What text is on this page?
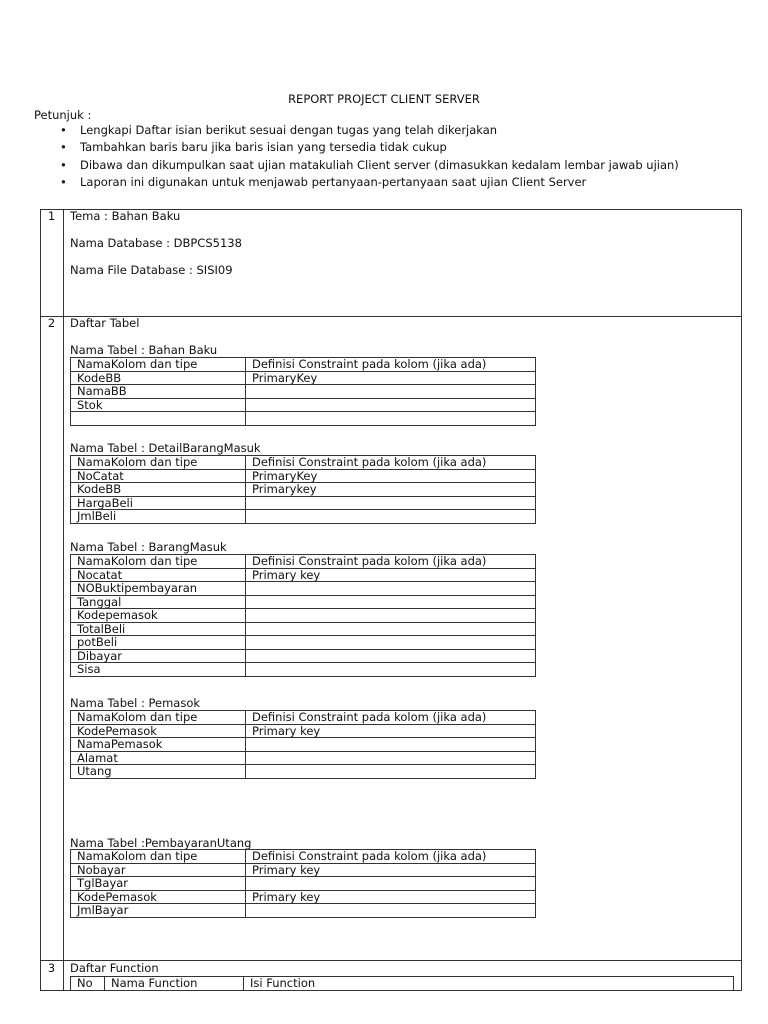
REPORT PROJECT CLIENT SERVER
Petunjuk :
• Lengkapi Daftar isian berikut sesuai dengan tugas yang telah dikerjakan
• Tambahkan baris baru jika baris isian yang tersedia tidak cukup
• Dibawa dan dikumpulkan saat ujian matakuliah Client server (dimasukkan kedalam lembar jawab ujian)
• Laporan ini digunakan untuk menjawab pertanyaan-pertanyaan saat ujian Client Server
1	Tema : Bahan Baku
Nama Database : DBPCS5138
Nama File Database : SISI09
2	Daftar Tabel
Nama Tabel : Bahan Baku
NamaKolom dan tipe	Definisi Constraint pada kolom (jika ada)
KodeBB	PrimaryKey
NamaBB	
Stok	

Nama Tabel : DetailBarangMasuk
NamaKolom dan tipe	Definisi Constraint pada kolom (jika ada)
NoCatat	PrimaryKey
KodeBB	Primarykey
HargaBeli	
JmlBeli	
Nama Tabel : BarangMasuk
NamaKolom dan tipe	Definisi Constraint pada kolom (jika ada)
Nocatat	Primary key
NOBuktipembayaran	
Tanggal	
Kodepemasok	
TotalBeli	
potBeli	
Dibayar	
Sisa	
Nama Tabel : Pemasok
NamaKolom dan tipe	Definisi Constraint pada kolom (jika ada)
KodePemasok	Primary key
NamaPemasok	
Alamat	
Utang	
Nama Tabel :PembayaranUtang
NamaKolom dan tipe	Definisi Constraint pada kolom (jika ada)
Nobayar	Primary key
TglBayar	
KodePemasok	Primary key
JmlBayar	
3	Daftar Function
No	Nama Function	Isi Function
